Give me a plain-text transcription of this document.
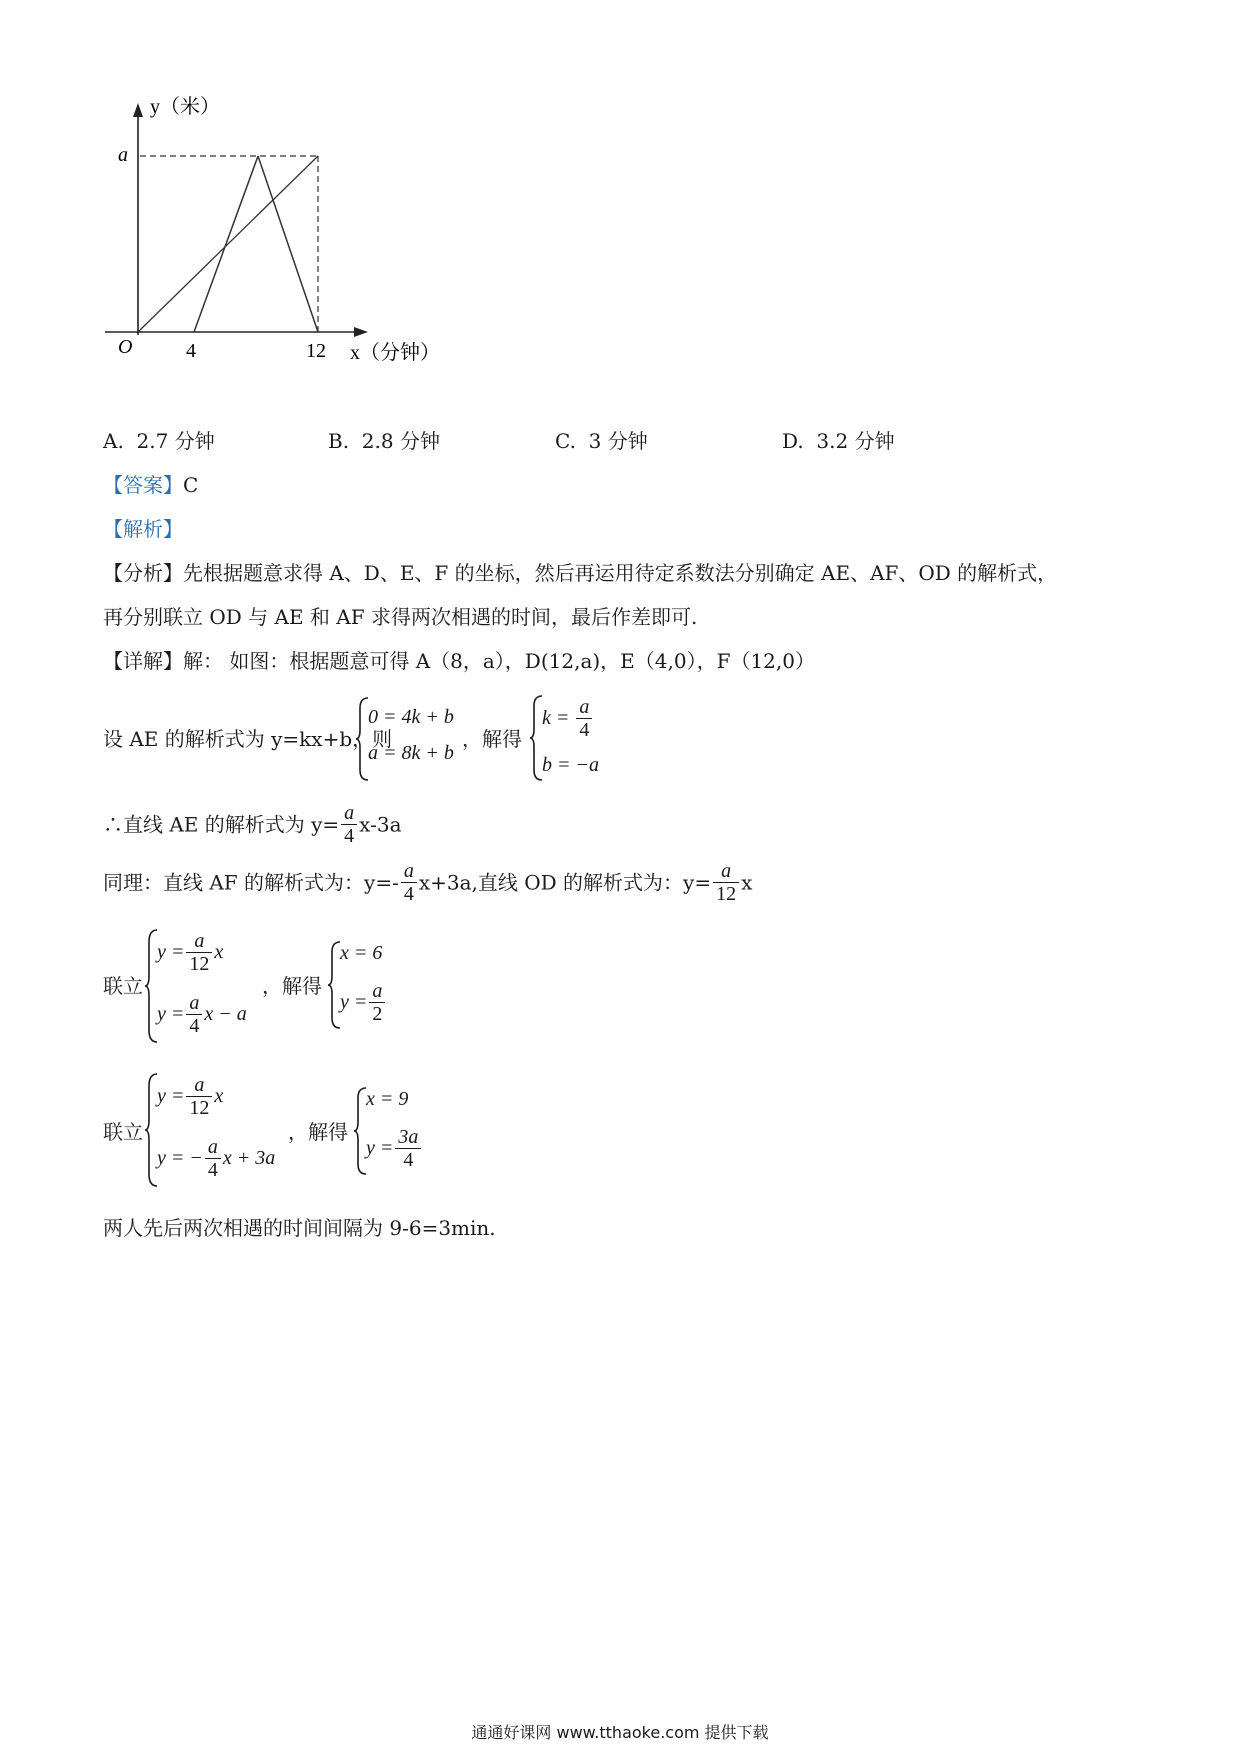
y（米）
a
O	4	12 x（分钟）
A. 2.7 分钟	B. 2.8 分钟	C. 3 分钟	D. 3.2 分钟
【答案】C
【解析】
【分析】先根据题意求得 A、D、E、F 的坐标，然后再运用待定系数法分别确定 AE、AF、OD 的解析式，
再分别联立 OD 与 AE 和 AF 求得两次相遇的时间，最后作差即可.
【详解】解： 如图：根据题意可得 A（8，a），D(12,a)，E（4,0），F（12,0）
设 AE 的解析式为 y=kx+b，则
0 = 4k + b
a = 8k + b
，解得
$k = \frac{a}{4}$
b = −a
∴直线 AE 的解析式为 $y= \frac{a}{4} x-3a$
同理：直线 AF 的解析式为：$y=- \frac{a}{4} x+3a$,直线 OD 的解析式为：$y= \frac{a}{12}$ x
联立
$y = \frac{a}{12}$ x
$y = \frac{a}{4}$ x − a
，解得
x = 6
$y = \frac{a}{2}$
联立
$y = \frac{a}{12}$ x
y = − $\frac{a}{4}$ x + 3a
，解得
x = 9
$y = \frac{3a}{4}$
两人先后两次相遇的时间间隔为 9-6=3min.
通通好课网 www.tthaoke.com 提供下载
